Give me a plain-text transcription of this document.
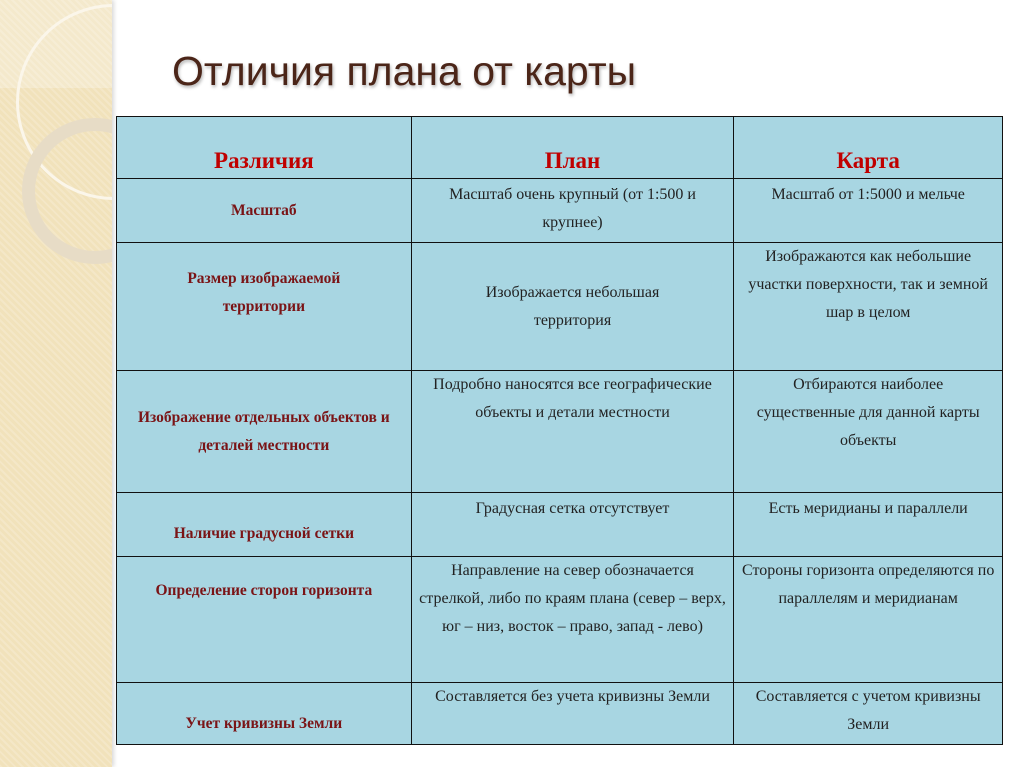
Отличия плана от карты
Различия	План	Карта
Масштаб	Масштаб очень крупный (от 1:500 и крупнее)	Масштаб от 1:5000 и мельче
Размер изображаемой территории	Изображается небольшая территория	Изображаются как небольшие участки поверхности, так и земной шар в целом
Изображение отдельных объектов и деталей местности	Подробно наносятся все географические объекты и детали местности	Отбираются наиболее существенные для данной карты объекты
Наличие градусной сетки	Градусная сетка отсутствует	Есть меридианы и параллели
Определение сторон горизонта	Направление на север обозначается стрелкой, либо по краям плана (север – верх, юг – низ, восток – право, запад - лево)	Стороны горизонта определяются по параллелям и меридианам
Учет кривизны Земли	Составляется без учета кривизны Земли	Составляется с учетом кривизны Земли
